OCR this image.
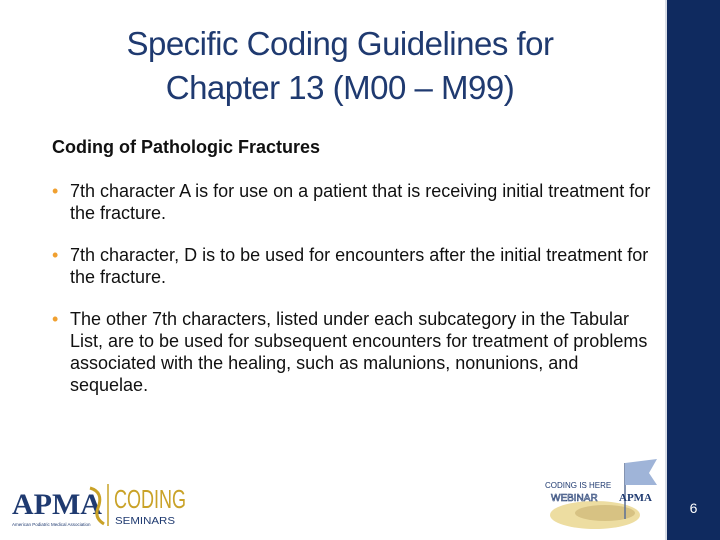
Specific Coding Guidelines for
Chapter 13 (M00 – M99)
Coding of Pathologic Fractures
• 7th character A is for use on a patient that is receiving initial treatment for the fracture.
• 7th character, D is to be used for encounters after the initial treatment for the fracture.
• The other 7th characters, listed under each subcategory in the Tabular List, are to be used for subsequent encounters for treatment of problems associated with the healing, such as malunions, nonunions, and sequelae.
APMA
American Podiatric Medical Association
CODING
SEMINARS
CODING IS HERE
WEBINAR APMA
6
